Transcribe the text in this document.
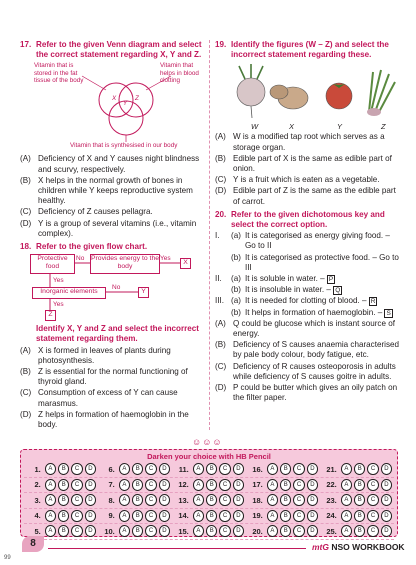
17. Refer to the given Venn diagram and select the correct statement regarding X, Y and Z.
Vitamin that is stored in the fat tissue of the body
Vitamin that helps in blood clotting
Vitamin that is synthesised in our body
X
Y
Z
(A) Deficiency of X and Y causes night blindness and scurvy, respectively.
(B) X helps in the normal growth of bones in children while Y keeps reproductive system healthy.
(C) Deficiency of Z causes pellagra.
(D) Y is a group of several vitamins (i.e., vitamin complex).
18. Refer to the given flow chart.
Protective food
Provides energy to the body
X
Inorganic elements	Y
Z
No	Yes
Yes
No
Yes
Identify X, Y and Z and select the incorrect statement regarding them.
(A) X is formed in leaves of plants during photosynthesis.
(B) Z is essential for the normal functioning of thyroid gland.
(C) Consumption of excess of Y can cause marasmus.
(D) Z helps in formation of haemoglobin in the body.
19. Identify the figures (W – Z) and select the incorrect statement regarding these.
W	X	Y	Z
(A) W is a modified tap root which serves as a storage organ.
(B) Edible part of X is the same as edible part of onion.
(C) Y is a fruit which is eaten as a vegetable.
(D) Edible part of Z is the same as the edible part of carrot.
20. Refer to the given dichotomous key and select the correct option.
I.	(a) It is categorised as energy giving food. – Go to II
(b) It is categorised as protective food. – Go to III
II.	(a) It is soluble in water. – P
(b) It is insoluble in water. – Q
III. (a) It is needed for clotting of blood. – R
(b) It helps in formation of haemoglobin. – S
(A) Q could be glucose which is instant source of energy.
(B) Deficiency of S causes anaemia characterised by pale body colour, body fatigue, etc.
(C) Deficiency of R causes osteoporosis in adults while deficiency of S causes goitre in adults.
(D) P could be butter which gives an oily patch on the filter paper.
☺☺☺
Darken your choice with HB Pencil
1.	A	B	C	D	6.	A	B	C	D	11.	A	B	C	D	16.	A	B	C	D	21.	A	B	C	D
2.	A	B	C	D	7.	A	B	C	D	12.	A	B	C	D	17.	A	B	C	D	22.	A	B	C	D
3.	A	B	C	D	8.	A	B	C	D	13.	A	B	C	D	18.	A	B	C	D	23.	A	B	C	D
4.	A	B	C	D	9.	A	B	C	D	14.	A	B	C	D	19.	A	B	C	D	24.	A	B	C	D
5.	A	B	C	D	10.	A	B	C	D	15.	A	B	C	D	20.	A	B	C	D	25.	A	B	C	D
8	mtG NSO WORKBOOK
99
